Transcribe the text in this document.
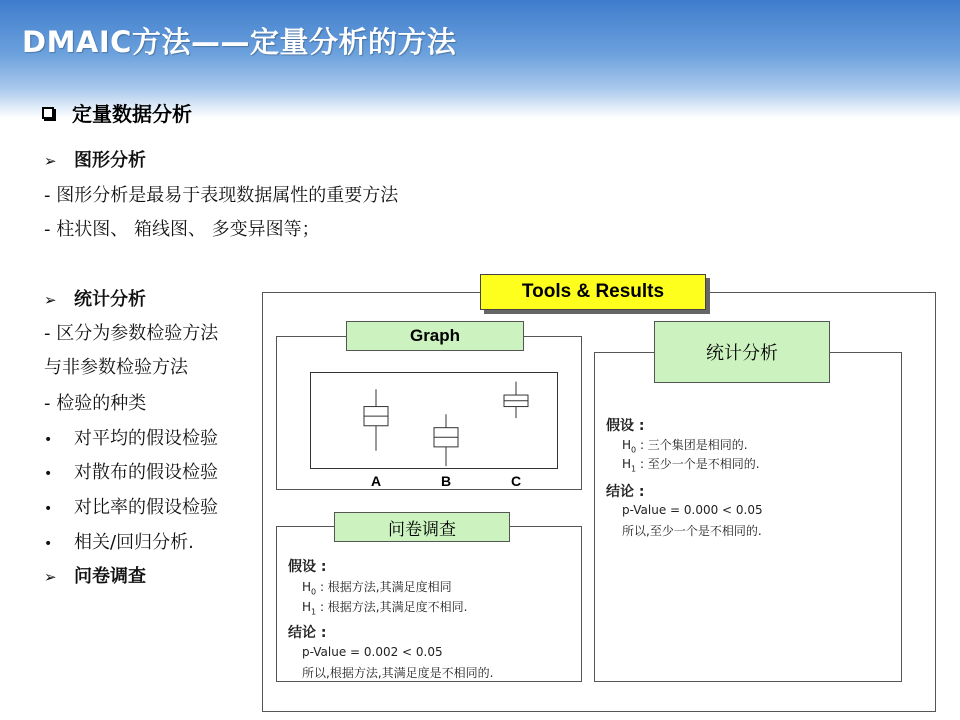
DMAIC方法——定量分析的方法
定量数据分析
➢ 图形分析
- 图形分析是最易于表现数据属性的重要方法
- 柱状图、 箱线图、 多变异图等；
➢ 统计分析
- 区分为参数检验方法
与非参数检验方法
- 检验的种类
• 对平均的假设检验
• 对散布的假设检验
• 对比率的假设检验
• 相关/回归分析.
➢ 问卷调查
Tools & Results
Graph
A	B	C
统计分析
假设 :
$H_0$ : 三个集团是相同的.
$H_1$ : 至少一个是不相同的.
结论 :
p-Value = 0.000 < 0.05
所以,至少一个是不相同的.
问卷调查
假设 :
$H_0$ : 根据方法,其满足度相同
$H_1$ : 根据方法,其满足度不相同.
结论 :
p-Value = 0.002 < 0.05
所以,根据方法,其满足度是不相同的.
